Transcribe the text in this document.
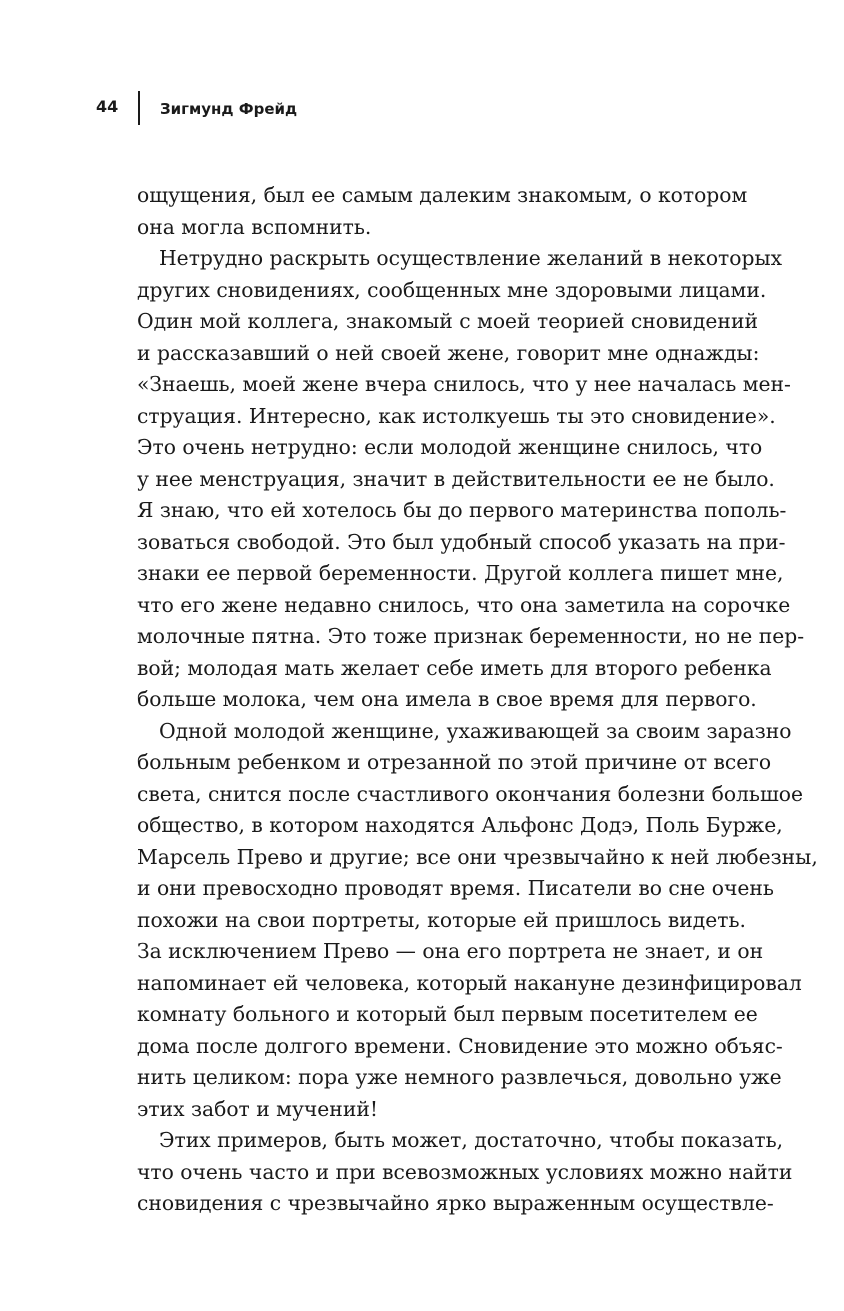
44	Зигмунд Фрейд
ощущения, был ее самым далеким знакомым, о котором
она могла вспомнить.
Нетрудно раскрыть осуществление желаний в некоторых
других сновидениях, сообщенных мне здоровыми лицами.
Один мой коллега, знакомый с моей теорией сновидений
и рассказавший о ней своей жене, говорит мне однажды:
«Знаешь, моей жене вчера снилось, что у нее началась мен-
струация. Интересно, как истолкуешь ты это сновидение».
Это очень нетрудно: если молодой женщине снилось, что
у нее менструация, значит в действительности ее не было.
Я знаю, что ей хотелось бы до первого материнства пополь-
зоваться свободой. Это был удобный способ указать на при-
знаки ее первой беременности. Другой коллега пишет мне,
что его жене недавно снилось, что она заметила на сорочке
молочные пятна. Это тоже признак беременности, но не пер-
вой; молодая мать желает себе иметь для второго ребенка
больше молока, чем она имела в свое время для первого.
Одной молодой женщине, ухаживающей за своим заразно
больным ребенком и отрезанной по этой причине от всего
света, снится после счастливого окончания болезни большое
общество, в котором находятся Альфонс Додэ, Поль Бурже,
Марсель Прево и другие; все они чрезвычайно к ней любезны,
и они превосходно проводят время. Писатели во сне очень
похожи на свои портреты, которые ей пришлось видеть.
За исключением Прево — она его портрета не знает, и он
напоминает ей человека, который накануне дезинфицировал
комнату больного и который был первым посетителем ее
дома после долгого времени. Сновидение это можно объяс-
нить целиком: пора уже немного развлечься, довольно уже
этих забот и мучений!
Этих примеров, быть может, достаточно, чтобы показать,
что очень часто и при всевозможных условиях можно найти
сновидения с чрезвычайно ярко выраженным осуществле-
